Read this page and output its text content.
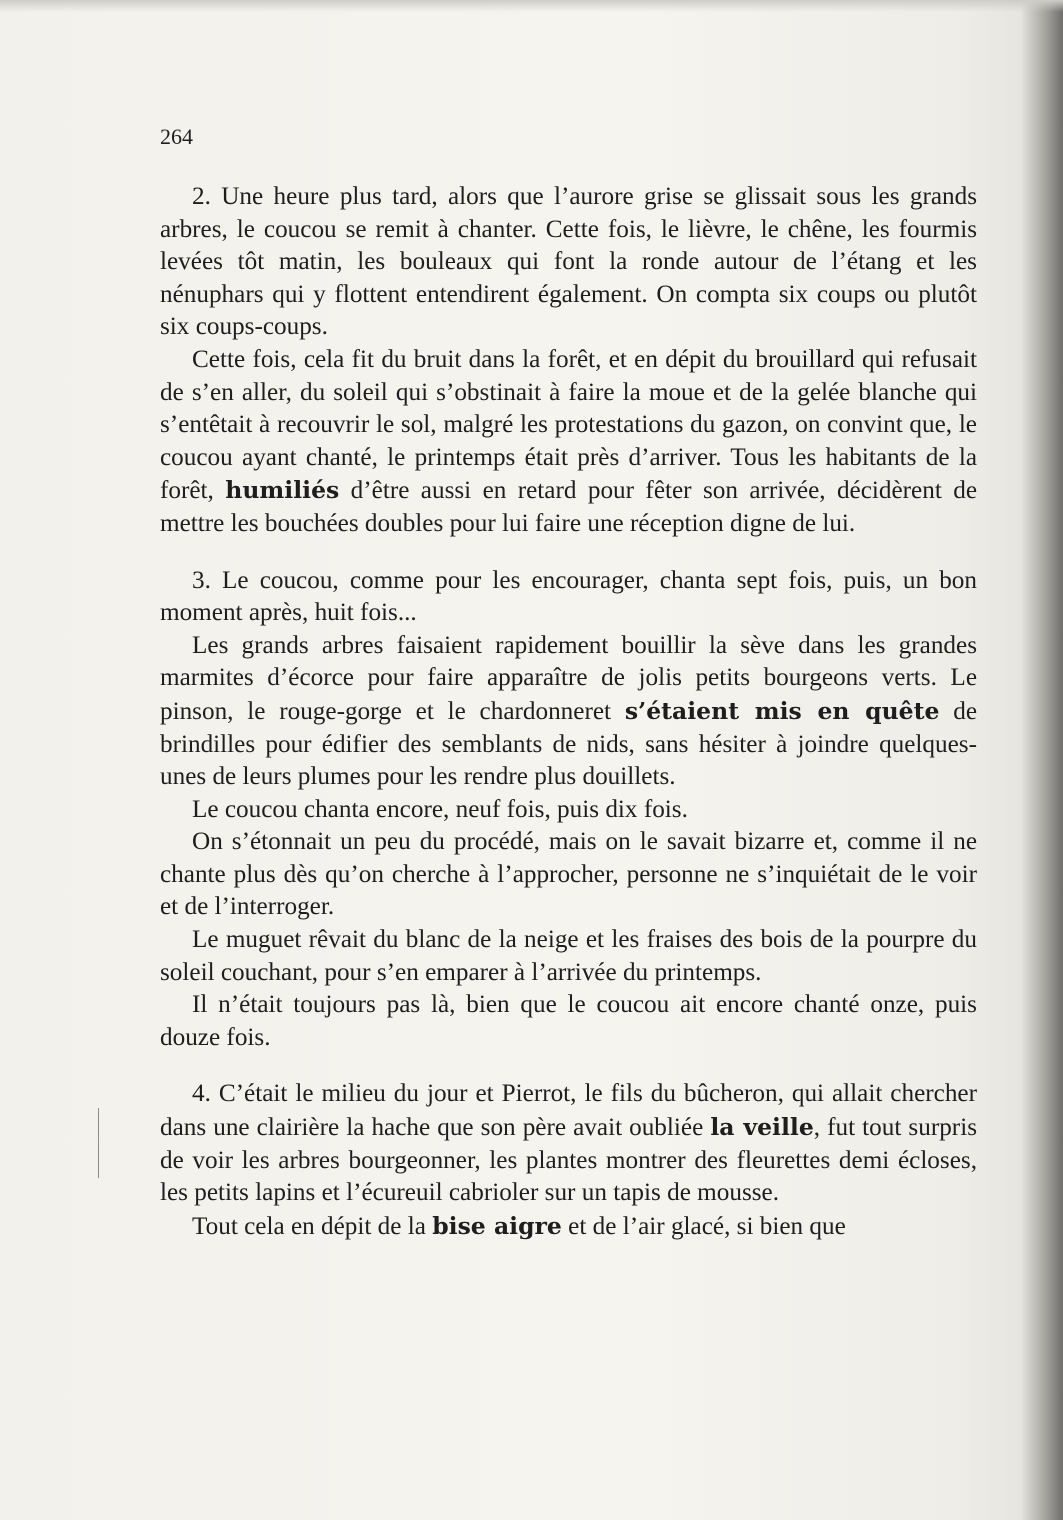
264

2. Une heure plus tard, alors que l’aurore grise se glissait sous les grands arbres, le coucou se remit à chanter. Cette fois, le lièvre, le chêne, les fourmis levées tôt matin, les bouleaux qui font la ronde autour de l’étang et les nénuphars qui y flottent entendirent également. On compta six coups ou plutôt six coups-coups.

Cette fois, cela fit du bruit dans la forêt, et en dépit du brouillard qui refusait de s’en aller, du soleil qui s’obstinait à faire la moue et de la gelée blanche qui s’entêtait à recouvrir le sol, malgré les protestations du gazon, on convint que, le coucou ayant chanté, le printemps était près d’arriver. Tous les habitants de la forêt, humiliés d’être aussi en retard pour fêter son arrivée, décidèrent de mettre les bouchées doubles pour lui faire une réception digne de lui.

3. Le coucou, comme pour les encourager, chanta sept fois, puis, un bon moment après, huit fois...

Les grands arbres faisaient rapidement bouillir la sève dans les grandes marmites d’écorce pour faire apparaître de jolis petits bourgeons verts. Le pinson, le rouge-gorge et le chardonneret s’étaient mis en quête de brindilles pour édifier des semblants de nids, sans hésiter à joindre quelques-unes de leurs plumes pour les rendre plus douillets.

Le coucou chanta encore, neuf fois, puis dix fois.

On s’étonnait un peu du procédé, mais on le savait bizarre et, comme il ne chante plus dès qu’on cherche à l’approcher, personne ne s’inquiétait de le voir et de l’interroger.

Le muguet rêvait du blanc de la neige et les fraises des bois de la pourpre du soleil couchant, pour s’en emparer à l’arrivée du printemps.

Il n’était toujours pas là, bien que le coucou ait encore chanté onze, puis douze fois.

4. C’était le milieu du jour et Pierrot, le fils du bûcheron, qui allait chercher dans une clairière la hache que son père avait oubliée la veille, fut tout surpris de voir les arbres bourgeonner, les plantes montrer des fleurettes demi écloses, les petits lapins et l’écureuil cabrioler sur un tapis de mousse.

Tout cela en dépit de la bise aigre et de l’air glacé, si bien que
